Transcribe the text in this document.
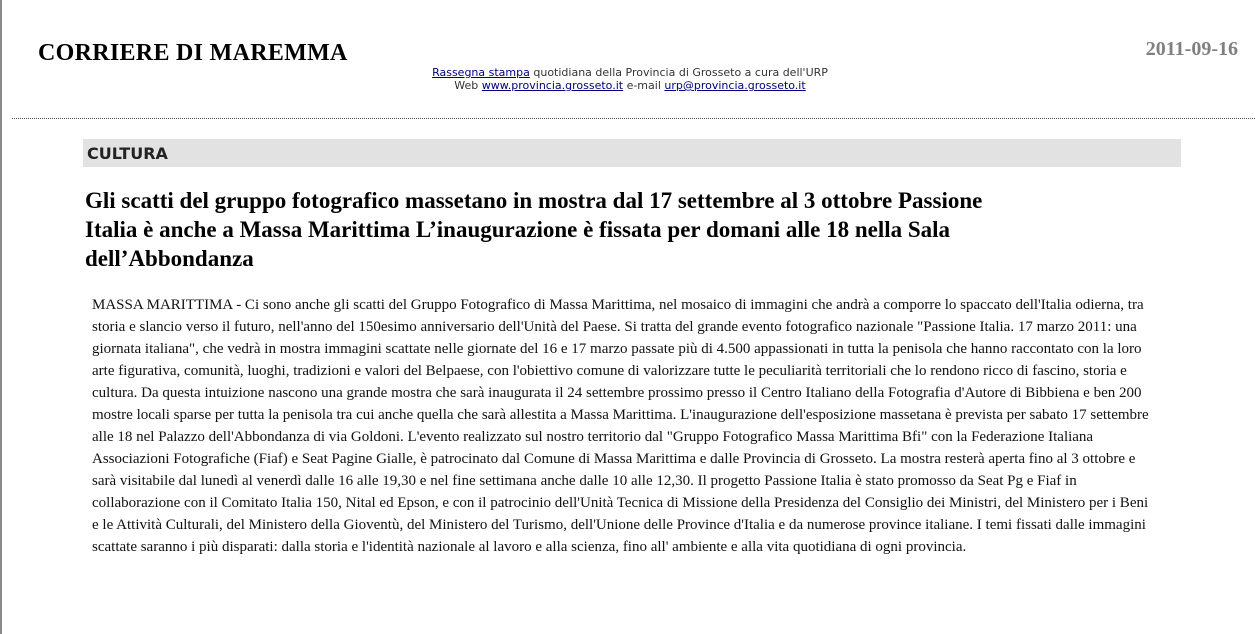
CORRIERE DI MAREMMA	2011-09-16
Rassegna stampa quotidiana della Provincia di Grosseto a cura dell'URP
Web www.provincia.grosseto.it e-mail urp@provincia.grosseto.it
CULTURA
Gli scatti del gruppo fotografico massetano in mostra dal 17 settembre al 3 ottobre Passione Italia è anche a Massa Marittima L’inaugurazione è fissata per domani alle 18 nella Sala dell’Abbondanza
MASSA MARITTIMA - Ci sono anche gli scatti del Gruppo Fotografico di Massa Marittima, nel mosaico di immagini che andrà a comporre lo spaccato dell'Italia odierna, tra storia e slancio verso il futuro, nell'anno del 150esimo anniversario dell'Unità del Paese. Si tratta del grande evento fotografico nazionale "Passione Italia. 17 marzo 2011: una giornata italiana", che vedrà in mostra immagini scattate nelle giornate del 16 e 17 marzo passate più di 4.500 appassionati in tutta la penisola che hanno raccontato con la loro arte figurativa, comunità, luoghi, tradizioni e valori del Belpaese, con l'obiettivo comune di valorizzare tutte le peculiarità territoriali che lo rendono ricco di fascino, storia e cultura. Da questa intuizione nascono una grande mostra che sarà inaugurata il 24 settembre prossimo presso il Centro Italiano della Fotografia d'Autore di Bibbiena e ben 200 mostre locali sparse per tutta la penisola tra cui anche quella che sarà allestita a Massa Marittima. L'inaugurazione dell'esposizione massetana è prevista per sabato 17 settembre alle 18 nel Palazzo dell'Abbondanza di via Goldoni. L'evento realizzato sul nostro territorio dal "Gruppo Fotografico Massa Marittima Bfi" con la Federazione Italiana Associazioni Fotografiche (Fiaf) e Seat Pagine Gialle, è patrocinato dal Comune di Massa Marittima e dalle Provincia di Grosseto. La mostra resterà aperta fino al 3 ottobre e sarà visitabile dal lunedì al venerdì dalle 16 alle 19,30 e nel fine settimana anche dalle 10 alle 12,30. Il progetto Passione Italia è stato promosso da Seat Pg e Fiaf in collaborazione con il Comitato Italia 150, Nital ed Epson, e con il patrocinio dell'Unità Tecnica di Missione della Presidenza del Consiglio dei Ministri, del Ministero per i Beni e le Attività Culturali, del Ministero della Gioventù, del Ministero del Turismo, dell'Unione delle Province d'Italia e da numerose province italiane. I temi fissati dalle immagini scattate saranno i più disparati: dalla storia e l'identità nazionale al lavoro e alla scienza, fino all' ambiente e alla vita quotidiana di ogni provincia.
